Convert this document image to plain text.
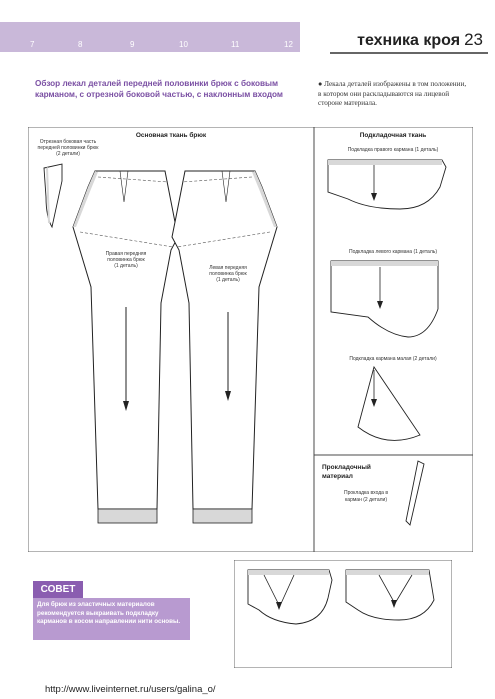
7	8	9	10	11	12	техника кроя 23
Обзор лекал деталей передней половинки брюк с боковым карманом, с отрезной боковой частью, с наклонным входом
● Лекала деталей изображены в том положении, в котором они раскладываются на лицевой стороне материала.
Основная ткань брюк	Подкладочная ткань
Прокладочный
материал
Отрезная боковая часть
передней половинки брюк
(2 детали)
Правая передняя
половинка брюк
(1 деталь)	Левая передняя
половинка брюк
(1 деталь)
Подкладка правого кармана (1 деталь)
Подкладка левого кармана (1 деталь)
Подкладка кармана малая (2 детали)
Прокладка входа в
карман (2 детали)
СОВЕТ
Для брюк из эластичных материалов рекомендуется выкраивать подкладку карманов в косом направлении нити основы.
http://www.liveinternet.ru/users/galina_o/
